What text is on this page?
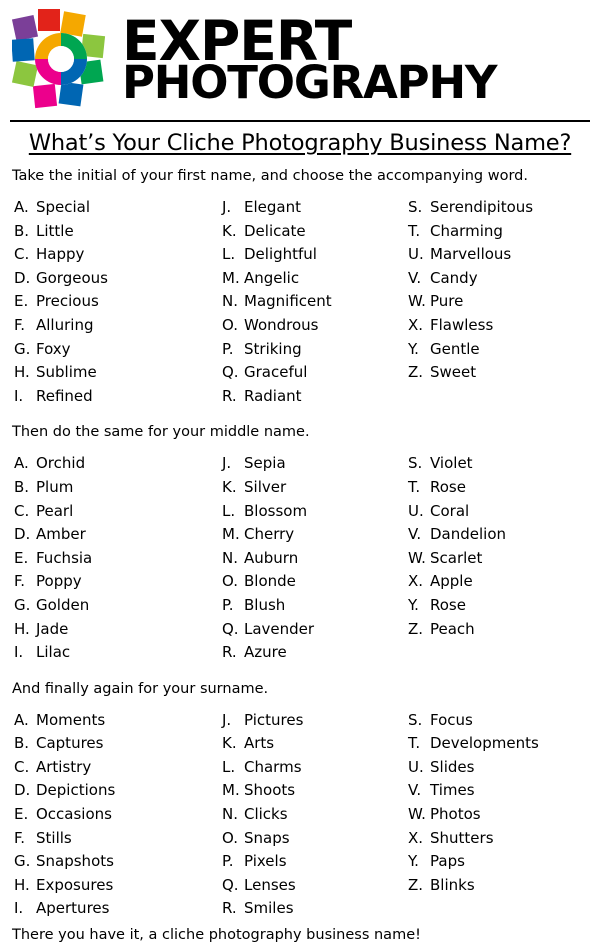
EXPERT
PHOTOGRAPHY
What’s Your Cliche Photography Business Name?

Take the initial of your first name, and choose the accompanying word.

A. Special
B. Little
C. Happy
D. Gorgeous
E. Precious
F. Alluring
G. Foxy
H. Sublime
I. Refined
J. Elegant
K. Delicate
L. Delightful
M. Angelic
N. Magnificent
O. Wondrous
P. Striking
Q. Graceful
R. Radiant
S. Serendipitous
T. Charming
U. Marvellous
V. Candy
W. Pure
X. Flawless
Y. Gentle
Z. Sweet

Then do the same for your middle name.

A. Orchid
B. Plum
C. Pearl
D. Amber
E. Fuchsia
F. Poppy
G. Golden
H. Jade
I. Lilac
J. Sepia
K. Silver
L. Blossom
M. Cherry
N. Auburn
O. Blonde
P. Blush
Q. Lavender
R. Azure
S. Violet
T. Rose
U. Coral
V. Dandelion
W. Scarlet
X. Apple
Y. Rose
Z. Peach

And finally again for your surname.

A. Moments
B. Captures
C. Artistry
D. Depictions
E. Occasions
F. Stills
G. Snapshots
H. Exposures
I. Apertures
J. Pictures
K. Arts
L. Charms
M. Shoots
N. Clicks
O. Snaps
P. Pixels
Q. Lenses
R. Smiles
S. Focus
T. Developments
U. Slides
V. Times
W. Photos
X. Shutters
Y. Paps
Z. Blinks

There you have it, a cliche photography business name!
